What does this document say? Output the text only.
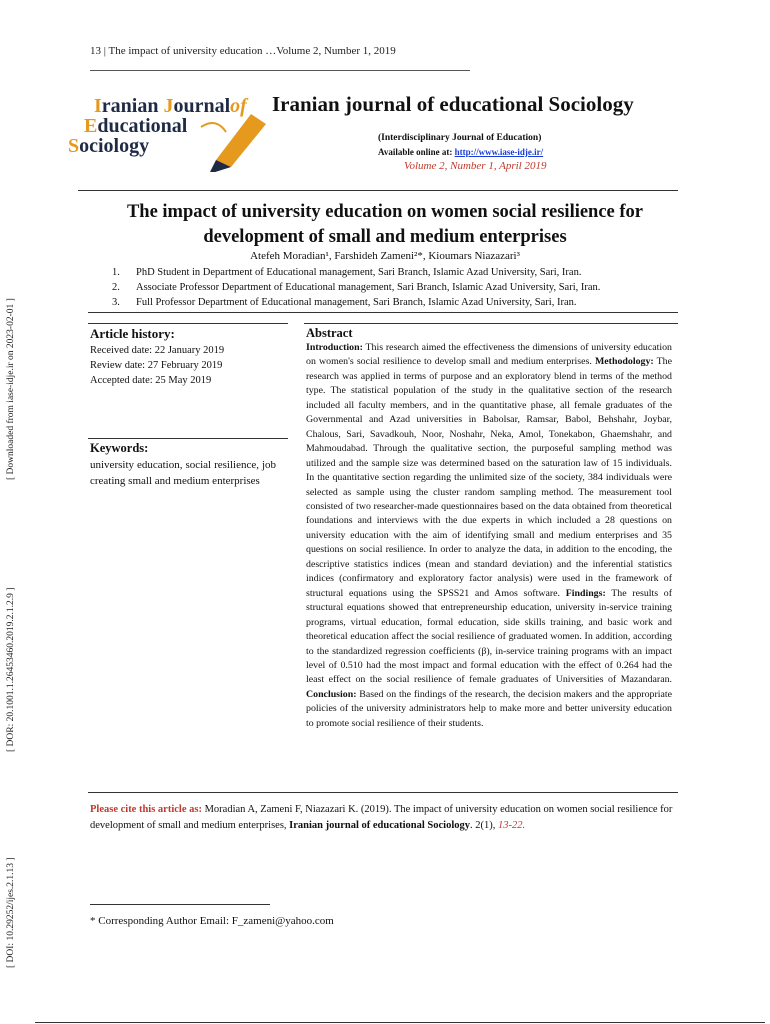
13 | The impact of university education …Volume 2, Number 1, 2019
[ Downloaded from iase-idje.ir on 2023-02-01 ]
[ DOR: 20.1001.1.26453460.2019.2.1.2.9 ]
[ DOI: 10.29252/ijes.2.1.13 ]
Iranian Journalof
Educational
Sociology
Iranian journal of educational Sociology
(Interdisciplinary Journal of Education)
Available online at: http://www.iase-idje.ir/
Volume 2, Number 1, April 2019
The impact of university education on women social resilience for
development of small and medium enterprises
Atefeh Moradian¹, Farshideh Zameni²*, Kioumars Niazazari³
1. PhD Student in Department of Educational management, Sari Branch, Islamic Azad University, Sari, Iran.
2. Associate Professor Department of Educational management, Sari Branch, Islamic Azad University, Sari, Iran.
3. Full Professor Department of Educational management, Sari Branch, Islamic Azad University, Sari, Iran.
Article history:
Received date: 22 January 2019
Review date: 27 February 2019
Accepted date: 25 May 2019
Keywords:
university education, social resilience, job creating small and medium enterprises
Abstract
Introduction: This research aimed the effectiveness the dimensions of university education on women's social resilience to develop small and medium enterprises. Methodology: The research was applied in terms of purpose and an exploratory blend in terms of the method type. The statistical population of the study in the qualitative section of the research included all faculty members, and in the quantitative phase, all female graduates of the Governmental and Azad universities in Babolsar, Ramsar, Babol, Behshahr, Joybar, Chalous, Sari, Savadkouh, Noor, Noshahr, Neka, Amol, Tonekabon, Ghaemshahr, and Mahmoudabad. Through the qualitative section, the purposeful sampling method was utilized and the sample size was determined based on the saturation law of 15 individuals. In the quantitative section regarding the unlimited size of the society, 384 individuals were selected as sample using the cluster random sampling method. The measurement tool consisted of two researcher-made questionnaires based on the data obtained from theoretical foundations and interviews with the due experts in which included a 28 questions on university education with the aim of identifying small and medium enterprises and 35 questions on social resilience. In order to analyze the data, in addition to the encoding, the descriptive statistics indices (mean and standard deviation) and the inferential statistics indices (confirmatory and exploratory factor analysis) were used in the framework of structural equations using the SPSS21 and Amos software. Findings: The results of structural equations showed that entrepreneurship education, university in-service training programs, virtual education, formal education, side skills training, and basic work and theoretical education affect the social resilience of graduated women. In addition, according to the standardized regression coefficients (β), in-service training programs with an impact level of 0.510 had the most impact and formal education with the effect of 0.264 had the least effect on the social resilience of female graduates of Universities of Mazandaran. Conclusion: Based on the findings of the research, the decision makers and the appropriate policies of the university administrators help to make more and better university education to promote social resilience of their students.
Please cite this article as: Moradian A, Zameni F, Niazazari K. (2019). The impact of university education on women social resilience for development of small and medium enterprises, Iranian journal of educational Sociology. 2(1), 13-22.
* Corresponding Author Email: F_zameni@yahoo.com
